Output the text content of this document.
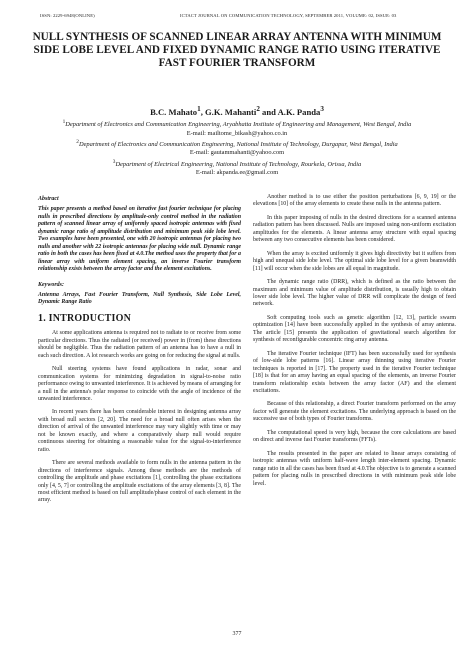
ISSN: 2229-6948(ONLINE)	ICTACT JOURNAL ON COMMUNICATION TECHNOLOGY, SEPTEMBER 2011, VOLUME: 02, ISSUE: 03
NULL SYNTHESIS OF SCANNED LINEAR ARRAY ANTENNA WITH MINIMUM SIDE LOBE LEVEL AND FIXED DYNAMIC RANGE RATIO USING ITERATIVE FAST FOURIER TRANSFORM
B.C. Mahato$^1$, G.K. Mahanti$^2$ and A.K. Panda$^3$
$^1$Department of Electronics and Communication Engineering, Aryabhatta Institute of Engineering and Management, West Bengal, India
E-mail: mailtome_bikash@yahoo.co.in
$^2$Department of Electronics and Communication Engineering, National Institute of Technology, Durgapur, West Bengal, India
E-mail: gautammahanti@yahoo.com
$^3$Department of Electrical Engineering, National Institute of Technology, Rourkela, Orissa, India
E-mail: akpanda.ee@gmail.com
Abstract

This paper presents a method based on iterative fast fourier technique for placing nulls in prescribed directions by amplitude-only control method in the radiation pattern of scanned linear array of uniformly spaced isotropic antennas with fixed dynamic range ratio of amplitude distribution and minimum peak side lobe level. Two examples have been presented, one with 20 isotropic antennas for placing two nulls and another with 22 isotropic antennas for placing wide null. Dynamic range ratio in both the cases has been fixed at 4.0.The method uses the property that for a linear array with uniform element spacing, an inverse Fourier transform relationship exists between the array factor and the element excitations.

Keywords:

Antenna Arrays, Fast Fourier Transform, Null Synthesis, Side Lobe Level, Dynamic Range Ratio

1. INTRODUCTION

At some applications antenna is required not to radiate to or receive from some particular directions. Thus the radiated (or received) power in (from) these directions should be negligible. Thus the radiation pattern of an antenna has to have a null in each such direction. A lot research works are going on for reducing the signal at nulls.

Null steering systems have found applications in radar, sonar and communication systems for minimizing degradation in signal-to-noise ratio performance owing to unwanted interference. It is achieved by means of arranging for a null in the antenna's polar response to coincide with the angle of incidence of the unwanted interference.

In recent years there has been considerable interest in designing antenna array with broad null sectors [2, 20]. The need for a broad null often arises when the direction of arrival of the unwanted interference may vary slightly with time or may not be known exactly, and where a comparatively sharp null would require continuous steering for obtaining a reasonable value for the signal-to-interference ratio.

There are several methods available to form nulls in the antenna pattern in the directions of interference signals. Among these methods are the methods of controlling the amplitude and phase excitations [1], controlling the phase excitations only [4, 5, 7] or controlling the amplitude excitations of the array elements [3, 8]. The most efficient method is based on full amplitude/phase control of each element in the array.

Another method is to use either the position perturbations [6, 9, 19] or the elevations [10] of the array elements to create these nulls in the antenna pattern.

In this paper imposing of nulls in the desired directions for a scanned antenna radiation pattern has been discussed. Nulls are imposed using non-uniform excitation amplitudes for the elements. A linear antenna array structure with equal spacing between any two consecutive elements has been considered.

When the array is excited uniformly it gives high directivity but it suffers from high and unequal side lobe level. The optimal side lobe level for a given beamwidth [11] will occur when the side lobes are all equal in magnitude.

The dynamic range ratio (DRR), which is defined as the ratio between the maximum and minimum value of amplitude distribution, is usually high to obtain lower side lobe level. The higher value of DRR will complicate the design of feed network.

Soft computing tools such as genetic algorithm [12, 13], particle swarm optimization [14] have been successfully applied in the synthesis of array antenna. The article [15] presents the application of gravitational search algorithm for synthesis of reconfigurable concentric ring array antenna.

The iterative Fourier technique (IFT) has been successfully used for synthesis of low-side lobe patterns [16]. Linear array thinning using iterative Fourier techniques is reported in [17]. The property used in the iterative Fourier technique [18] is that for an array having an equal spacing of the elements, an inverse Fourier transform relationship exists between the array factor (AF) and the element excitations.

Because of this relationship, a direct Fourier transform performed on the array factor will generate the element excitations. The underlying approach is based on the successive use of both types of Fourier transforms.

The computational speed is very high, because the core calculations are based on direct and inverse fast Fourier transforms (FFTs).

The results presented in the paper are related to linear arrays consisting of isotropic antennas with uniform half-wave length inter-element spacing. Dynamic range ratio in all the cases has been fixed at 4.0.The objective is to generate a scanned pattern for placing nulls in prescribed directions in with minimum peak side lobe level.

377
